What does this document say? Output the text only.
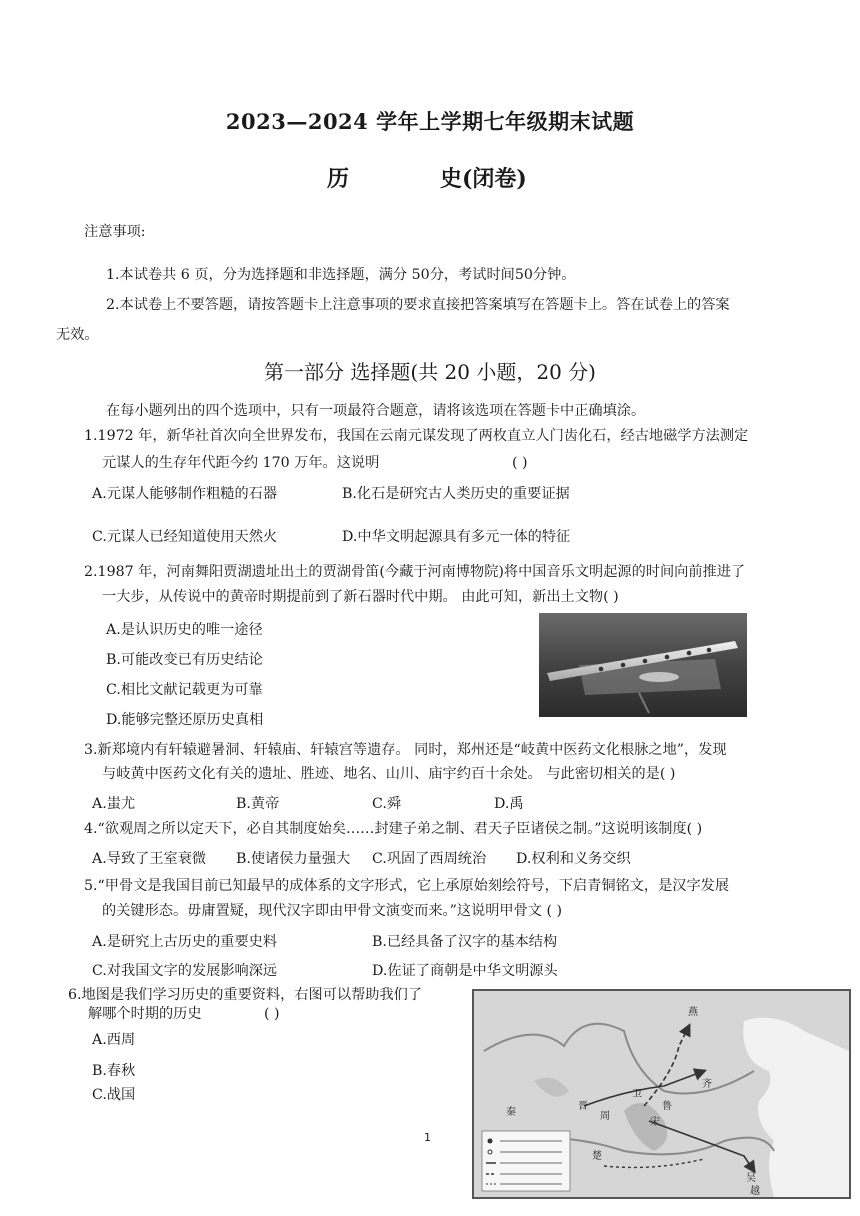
2023—2024 学年上学期七年级期末试题
历	史(闭卷)
注意事项:
1.本试卷共 6 页，分为选择题和非选择题，满分 50分，考试时间50分钟。
2.本试卷上不要答题，请按答题卡上注意事项的要求直接把答案填写在答题卡上。答在试卷上的答案
无效。
第一部分 选择题(共 20 小题，20 分)
在每小题列出的四个选项中，只有一项最符合题意，请将该选项在答题卡中正确填涂。
1.1972 年，新华社首次向全世界发布，我国在云南元谋发现了两枚直立人门齿化石，经古地磁学方法测定
元谋人的生存年代距今约 170 万年。这说明	( )
A.元谋人能够制作粗糙的石器	B.化石是研究古人类历史的重要证据
C.元谋人已经知道使用天然火	D.中华文明起源具有多元一体的特征
2.1987 年，河南舞阳贾湖遗址出土的贾湖骨笛(今藏于河南博物院)将中国音乐文明起源的时间向前推进了
一大步，从传说中的黄帝时期提前到了新石器时代中期。 由此可知，新出土文物( )
A.是认识历史的唯一途径
B.可能改变已有历史结论
C.相比文献记载更为可靠
D.能够完整还原历史真相
3.新郑境内有轩辕避暑洞、轩辕庙、轩辕宫等遗存。 同时，郑州还是“岐黄中医药文化根脉之地”，发现
与岐黄中医药文化有关的遗址、胜迹、地名、山川、庙宇约百十余处。 与此密切相关的是( )
A.蚩尤	B.黄帝	C.舜	D.禹
4.“欲观周之所以定天下，必自其制度始矣……封建子弟之制、君天子臣诸侯之制。”这说明该制度( )
A.导致了王室衰微 B.使诸侯力量强大 C.巩固了西周统治 D.权利和义务交织
5.“甲骨文是我国目前已知最早的成体系的文字形式，它上承原始刻绘符号，下启青铜铭文，是汉字发展
的关键形态。毋庸置疑，现代汉字即由甲骨文演变而来。”这说明甲骨文 ( )
A.是研究上古历史的重要史料	B.已经具备了汉字的基本结构
C.对我国文字的发展影响深远	D.佐证了商朝是中华文明源头
6.地图是我们学习历史的重要资料，右图可以帮助我们了
解哪个时期的历史	( )
A.西周
B.春秋
C.战国
燕
秦
晋
周
卫
鲁
齐
宋
楚
吴
越
1
